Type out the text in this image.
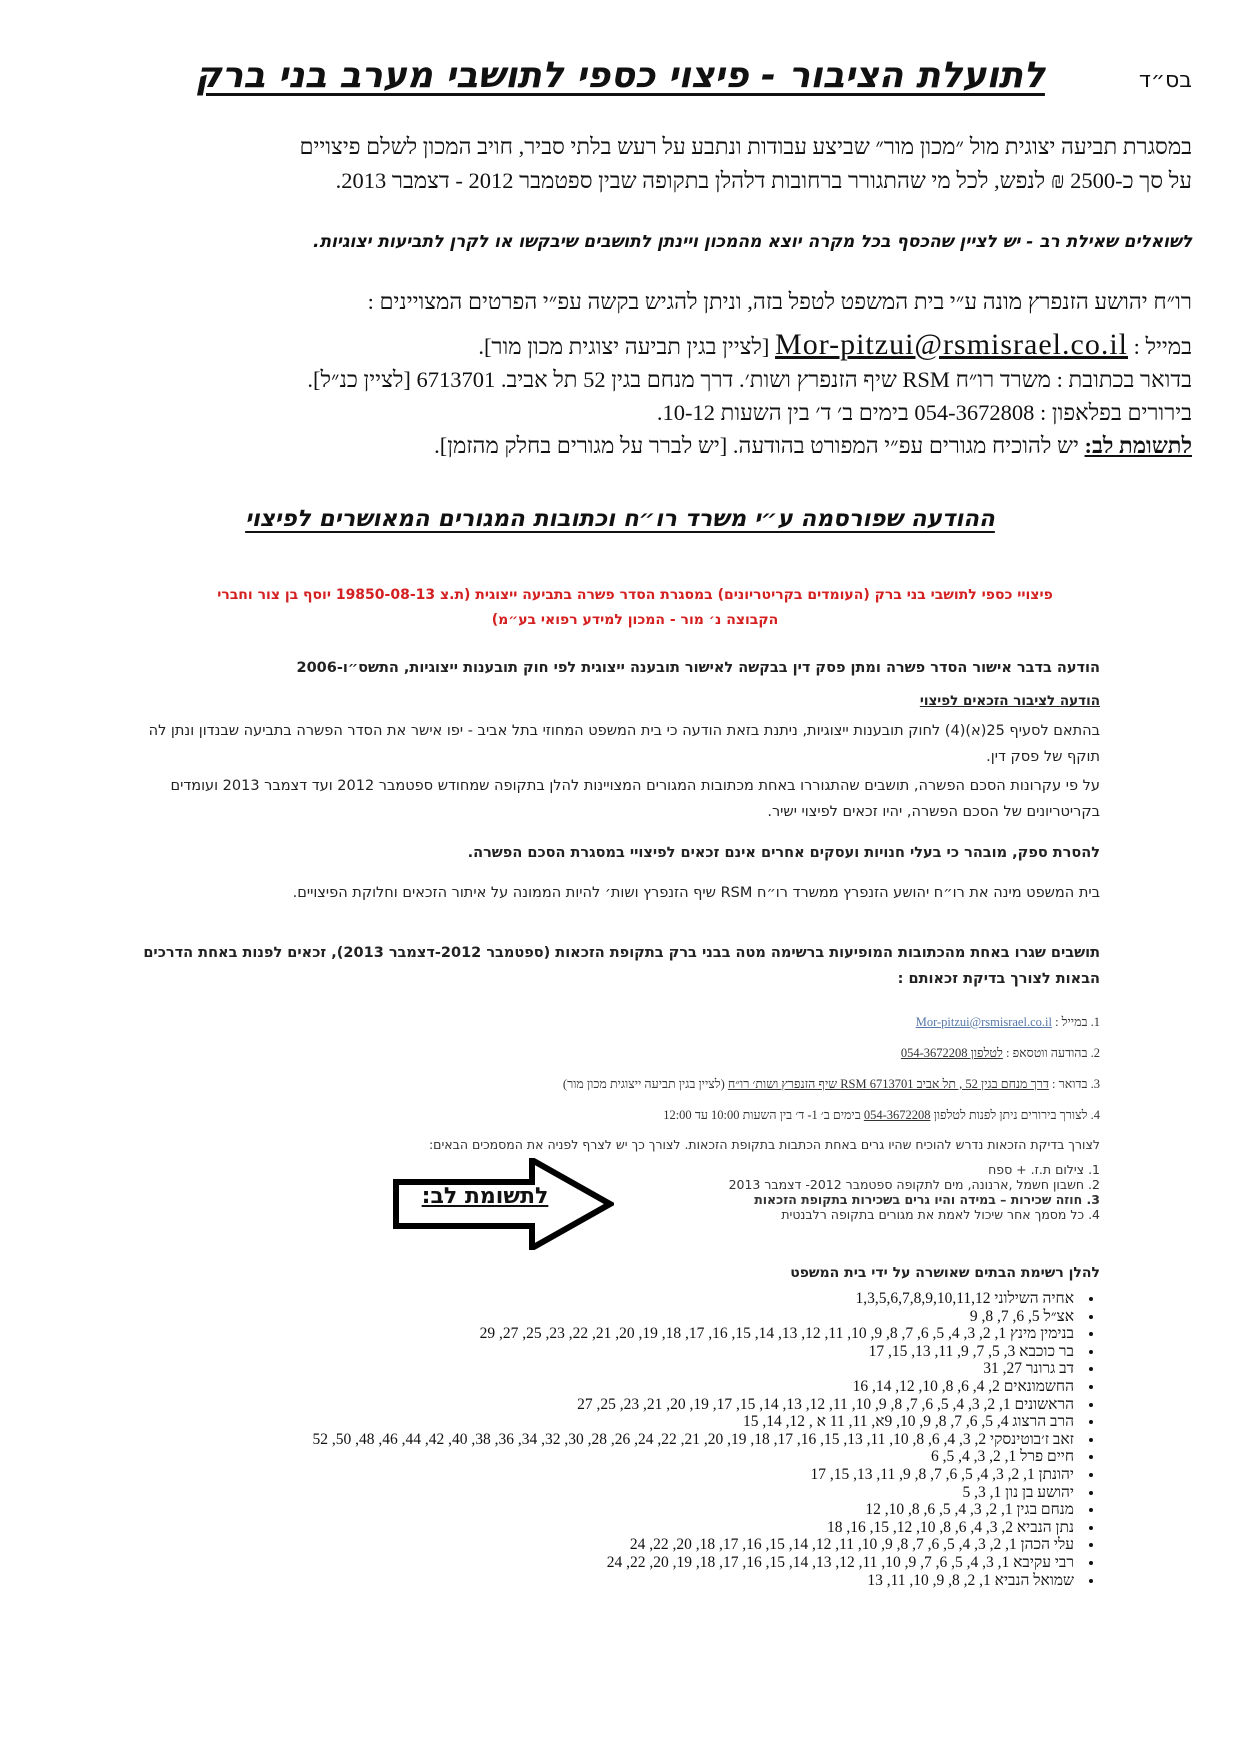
בס״ד
לתועלת הציבור - פיצוי כספי לתושבי מערב בני ברק
במסגרת תביעה יצוגית מול ״מכון מור״ שביצע עבודות ונתבע על רעש בלתי סביר, חויב המכון לשלם פיצויים
על סך כ-2500 ₪ לנפש, לכל מי שהתגורר ברחובות דלהלן בתקופה שבין ספטמבר 2012 - דצמבר 2013.
לשואלים שאילת רב - יש לציין שהכסף בכל מקרה יוצא מהמכון ויינתן לתושבים שיבקשו או לקרן לתביעות יצוגיות.
רו״ח יהושע הזנפרץ מונה ע״י בית המשפט לטפל בזה, וניתן להגיש בקשה עפ״י הפרטים המצויינים :
במייל : Mor-pitzui@rsmisrael.co.il [לציין בגין תביעה יצוגית מכון מור].
בדואר בכתובת : משרד רו״ח RSM שיף הזנפרץ ושות׳. דרך מנחם בגין 52 תל אביב. 6713701 [לציין כנ״ל].
בירורים בפלאפון : 054-3672808 בימים ב׳ ד׳ בין השעות 10-12.
לתשומת לב: יש להוכיח מגורים עפ״י המפורט בהודעה. [יש לברר על מגורים בחלק מהזמן].
ההודעה שפורסמה ע״י משרד רו״ח וכתובות המגורים המאושרים לפיצוי
פיצויי כספי לתושבי בני ברק (העומדים בקריטריונים) במסגרת הסדר פשרה בתביעה ייצוגית (ת.צ 19850-08-13 יוסף בן צור וחברי
הקבוצה נ׳ מור - המכון למידע רפואי בע״מ)
הודעה בדבר אישור הסדר פשרה ומתן פסק דין בבקשה לאישור תובענה ייצוגית לפי חוק תובענות ייצוגיות, התשס״ו-2006
הודעה לציבור הזכאים לפיצוי
בהתאם לסעיף 25(א)(4) לחוק תובענות ייצוגיות, ניתנת בזאת הודעה כי בית המשפט המחוזי בתל אביב - יפו אישר את הסדר הפשרה בתביעה שבנדון ונתן לה תוקף של פסק דין.
על פי עקרונות הסכם הפשרה, תושבים שהתגוררו באחת מכתובות המגורים המצויינות להלן בתקופה שמחודש ספטמבר 2012 ועד דצמבר 2013 ועומדים בקריטריונים של הסכם הפשרה, יהיו זכאים לפיצוי ישיר.
להסרת ספק, מובהר כי בעלי חנויות ועסקים אחרים אינם זכאים לפיצויי במסגרת הסכם הפשרה.
בית המשפט מינה את רו״ח יהושע הזנפרץ ממשרד רו״ח RSM שיף הזנפרץ ושות׳ להיות הממונה על איתור הזכאים וחלוקת הפיצויים.
תושבים שגרו באחת מהכתובות המופיעות ברשימה מטה בבני ברק בתקופת הזכאות (ספטמבר 2012-דצמבר 2013), זכאים לפנות באחת הדרכים הבאות לצורך בדיקת זכאותם :
1. במייל : Mor-pitzui@rsmisrael.co.il
2. בהודעה ווטסאפ : לטלפון 054-3672208
3. בדואר : דרך מנחם בגין 52 , תל אביב 6713701 RSM שיף הזנפרץ ושות׳ רו״ח (לציין בגין תביעה ייצוגית מכון מור)
4. לצורך בירורים ניתן לפנות לטלפון 054-3672208 בימים ב׳ 1- ד׳ בין השעות 10:00 עד 12:00
לצורך בדיקת הזכאות נדרש להוכיח שהיו גרים באחת הכתבות בתקופת הזכאות. לצורך כך יש לצרף לפניה את המסמכים הבאים:
1. צילום ת.ז. + ספח
2. חשבון חשמל ,ארנונה, מים לתקופה ספטמבר 2012- דצמבר 2013
3. חוזה שכירות – במידה והיו גרים בשכירות בתקופת הזכאות
4. כל מסמך אחר שיכול לאמת את מגורים בתקופה רלבנטית
לתשומת לב:
להלן רשימת הבתים שאושרה על ידי בית המשפט
• אחיה השילוני 1,3,5,6,7,8,9,10,11,12
• אצ״ל 5, 6, 7, 8, 9
• בנימין מינץ 1, 2, 3, 4, 5, 6, 7, 8, 9, 10, 11, 12, 13, 14, 15, 16, 17, 18, 19, 20, 21, 22, 23, 25, 27, 29
• בר כוכבא 3, 5, 7, 9, 11, 13, 15, 17
• דב גרונר 27, 31
• החשמונאים 2, 4, 6, 8, 10, 12, 14, 16
• הראשונים 1, 2, 3, 4, 5, 6, 7, 8, 9, 10, 11, 12, 13, 14, 15, 17, 19, 20, 21, 23, 25, 27
• הרב הרצוג 4, 5, 6, 7, 8, 9, 10, 9א, 11, 11 א , 12, 14, 15
• זאב ז׳בוטינסקי 2, 3, 4, 6, 8, 10, 11, 13, 15, 16, 17, 18, 19, 20, 21, 22, 24, 26, 28, 30, 32, 34, 36, 38, 40, 42, 44, 46, 48, 50, 52
• חיים פרל 1, 2, 3, 4, 5, 6
• יהונתן 1, 2, 3, 4, 5, 6, 7, 8, 9, 11, 13, 15, 17
• יהושע בן נון 1, 3, 5
• מנחם בגין 1, 2, 3, 4, 5, 6, 8, 10, 12
• נתן הנביא 2, 3, 4, 6, 8, 10, 12, 15, 16, 18
• עלי הכהן 1, 2, 3, 4, 5, 6, 7, 8, 9, 10, 11, 12, 14, 15, 16, 17, 18, 20, 22, 24
• רבי עקיבא 1, 3, 4, 5, 6, 7, 9, 10, 11, 12, 13, 14, 15, 16, 17, 18, 19, 20, 22, 24
• שמואל הנביא 1, 2, 8, 9, 10, 11, 13
